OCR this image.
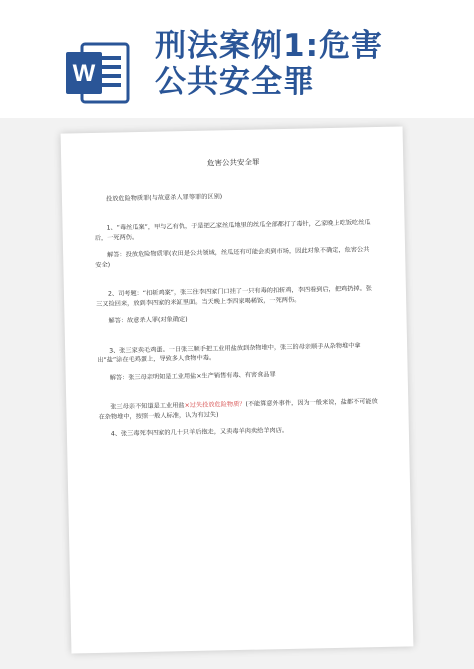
W
刑法案例1:危害
公共安全罪
危害公共安全罪
投放危险物质罪(与故意杀人罪等罪的区别)
1、“毒丝瓜案”，甲与乙有仇，于是把乙家丝瓜地里的丝瓜全部都打了毒针，乙家晚上吃饭吃丝瓜后，一死两伤。
解答：投放危险物质罪(农田是公共领域，丝瓜还有可能会卖到市场，因此对象不确定，危害公共安全)
2、司考题：“扣斩鸡案”，张三往李四家门口挂了一只有毒的扣斩鸡，李四看到后，把鸡扔掉。张三又捡回来，放到李四家的米缸里面。当天晚上李四家喝稀饭，一死两伤。
解答：故意杀人罪(对象确定)
3、张三家卖毛鸡蛋。一日张三顺手把工业用盐放到杂物堆中，张三的母亲顺手从杂物堆中拿出“盐”涂在毛鸡蛋上，导致多人食物中毒。
解答：张三母亲明知是工业用盐×生产销售有毒、有害食品罪
张三母亲不知道是工业用盐×过失投放危险物质？(不能算意外事件，因为一般来说，盐都不可能放在杂物堆中，按照一般人标准，认为有过失)
4、张三毒死李四家的几十只羊后抱走，又卖毒羊肉卖给羊肉店。
